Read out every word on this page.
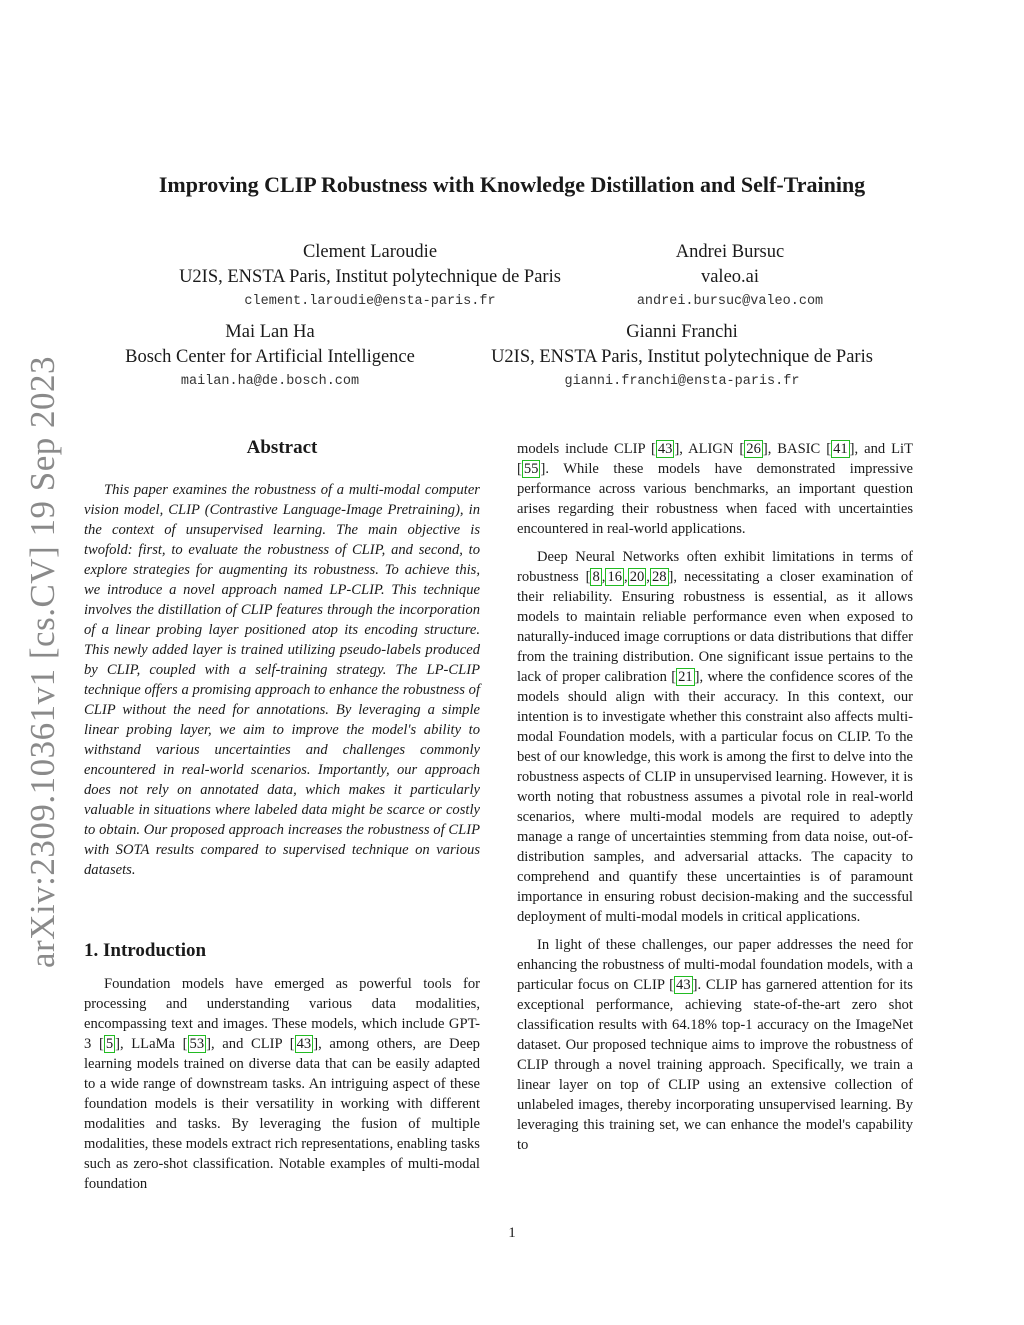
arXiv:2309.10361v1 [cs.CV] 19 Sep 2023
Improving CLIP Robustness with Knowledge Distillation and Self-Training
Clement Laroudie
U2IS, ENSTA Paris, Institut polytechnique de Paris
clement.laroudie@ensta-paris.fr
Andrei Bursuc
valeo.ai
andrei.bursuc@valeo.com
Mai Lan Ha
Bosch Center for Artificial Intelligence
mailan.ha@de.bosch.com
Gianni Franchi
U2IS, ENSTA Paris, Institut polytechnique de Paris
gianni.franchi@ensta-paris.fr
Abstract

This paper examines the robustness of a multi-modal computer vision model, CLIP (Contrastive Language-Image Pretraining), in the context of unsupervised learning. The main objective is twofold: first, to evaluate the robustness of CLIP, and second, to explore strategies for augmenting its robustness. To achieve this, we introduce a novel approach named LP-CLIP. This technique involves the distillation of CLIP features through the incorporation of a linear probing layer positioned atop its encoding structure. This newly added layer is trained utilizing pseudo-labels produced by CLIP, coupled with a self-training strategy. The LP-CLIP technique offers a promising approach to enhance the robustness of CLIP without the need for annotations. By leveraging a simple linear probing layer, we aim to improve the model's ability to withstand various uncertainties and challenges commonly encountered in real-world scenarios. Importantly, our approach does not rely on annotated data, which makes it particularly valuable in situations where labeled data might be scarce or costly to obtain. Our proposed approach increases the robustness of CLIP with SOTA results compared to supervised technique on various datasets.

1. Introduction

Foundation models have emerged as powerful tools for processing and understanding various data modalities, encompassing text and images. These models, which include GPT-3 [ 5 ], LLaMa [ 53 ], and CLIP [ 43 ], among others, are Deep learning models trained on diverse data that can be easily adapted to a wide range of downstream tasks. An intriguing aspect of these foundation models is their versatility in working with different modalities and tasks. By leveraging the fusion of multiple modalities, these models extract rich representations, enabling tasks such as zero-shot classification. Notable examples of multi-modal foundation

models include CLIP [ 43 ], ALIGN [ 26 ], BASIC [ 41 ], and LiT [ 55 ]. While these models have demonstrated impressive performance across various benchmarks, an important question arises regarding their robustness when faced with uncertainties encountered in real-world applications.

Deep Neural Networks often exhibit limitations in terms of robustness [ 8 , 16 , 20 , 28 ], necessitating a closer examination of their reliability. Ensuring robustness is essential, as it allows models to maintain reliable performance even when exposed to naturally-induced image corruptions or data distributions that differ from the training distribution. One significant issue pertains to the lack of proper calibration [ 21 ], where the confidence scores of the models should align with their accuracy. In this context, our intention is to investigate whether this constraint also affects multi-modal Foundation models, with a particular focus on CLIP. To the best of our knowledge, this work is among the first to delve into the robustness aspects of CLIP in unsupervised learning. However, it is worth noting that robustness assumes a pivotal role in real-world scenarios, where multi-modal models are required to adeptly manage a range of uncertainties stemming from data noise, out-of-distribution samples, and adversarial attacks. The capacity to comprehend and quantify these uncertainties is of paramount importance in ensuring robust decision-making and the successful deployment of multi-modal models in critical applications.

In light of these challenges, our paper addresses the need for enhancing the robustness of multi-modal foundation models, with a particular focus on CLIP [ 43 ]. CLIP has garnered attention for its exceptional performance, achieving state-of-the-art zero shot classification results with 64.18% top-1 accuracy on the ImageNet dataset. Our proposed technique aims to improve the robustness of CLIP through a novel training approach. Specifically, we train a linear layer on top of CLIP using an extensive collection of unlabeled images, thereby incorporating unsupervised learning. By leveraging this training set, we can enhance the model's capability to

1
